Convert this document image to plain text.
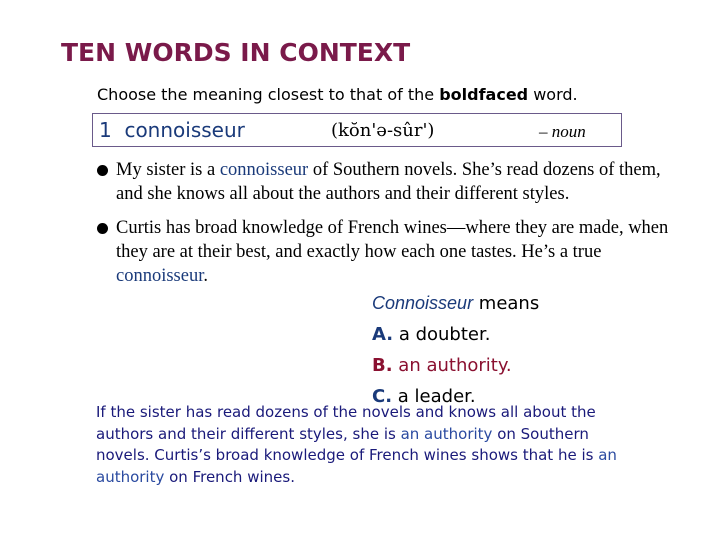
TEN WORDS IN CONTEXT
Choose the meaning closest to that of the boldfaced word.
1 connoisseur	(kŏn'ə-sûr')	– noun
My sister is a connoisseur of Southern novels. She’s read dozens of them, and she knows all about the authors and their different styles.
Curtis has broad knowledge of French wines—where they are made, when they are at their best, and exactly how each one tastes. He’s a true connoisseur.
Connoisseur means
A. a doubter.
B. an authority.
C. a leader.
If the sister has read dozens of the novels and knows all about the authors and their different styles, she is an authority on Southern novels. Curtis’s broad knowledge of French wines shows that he is an authority on French wines.
